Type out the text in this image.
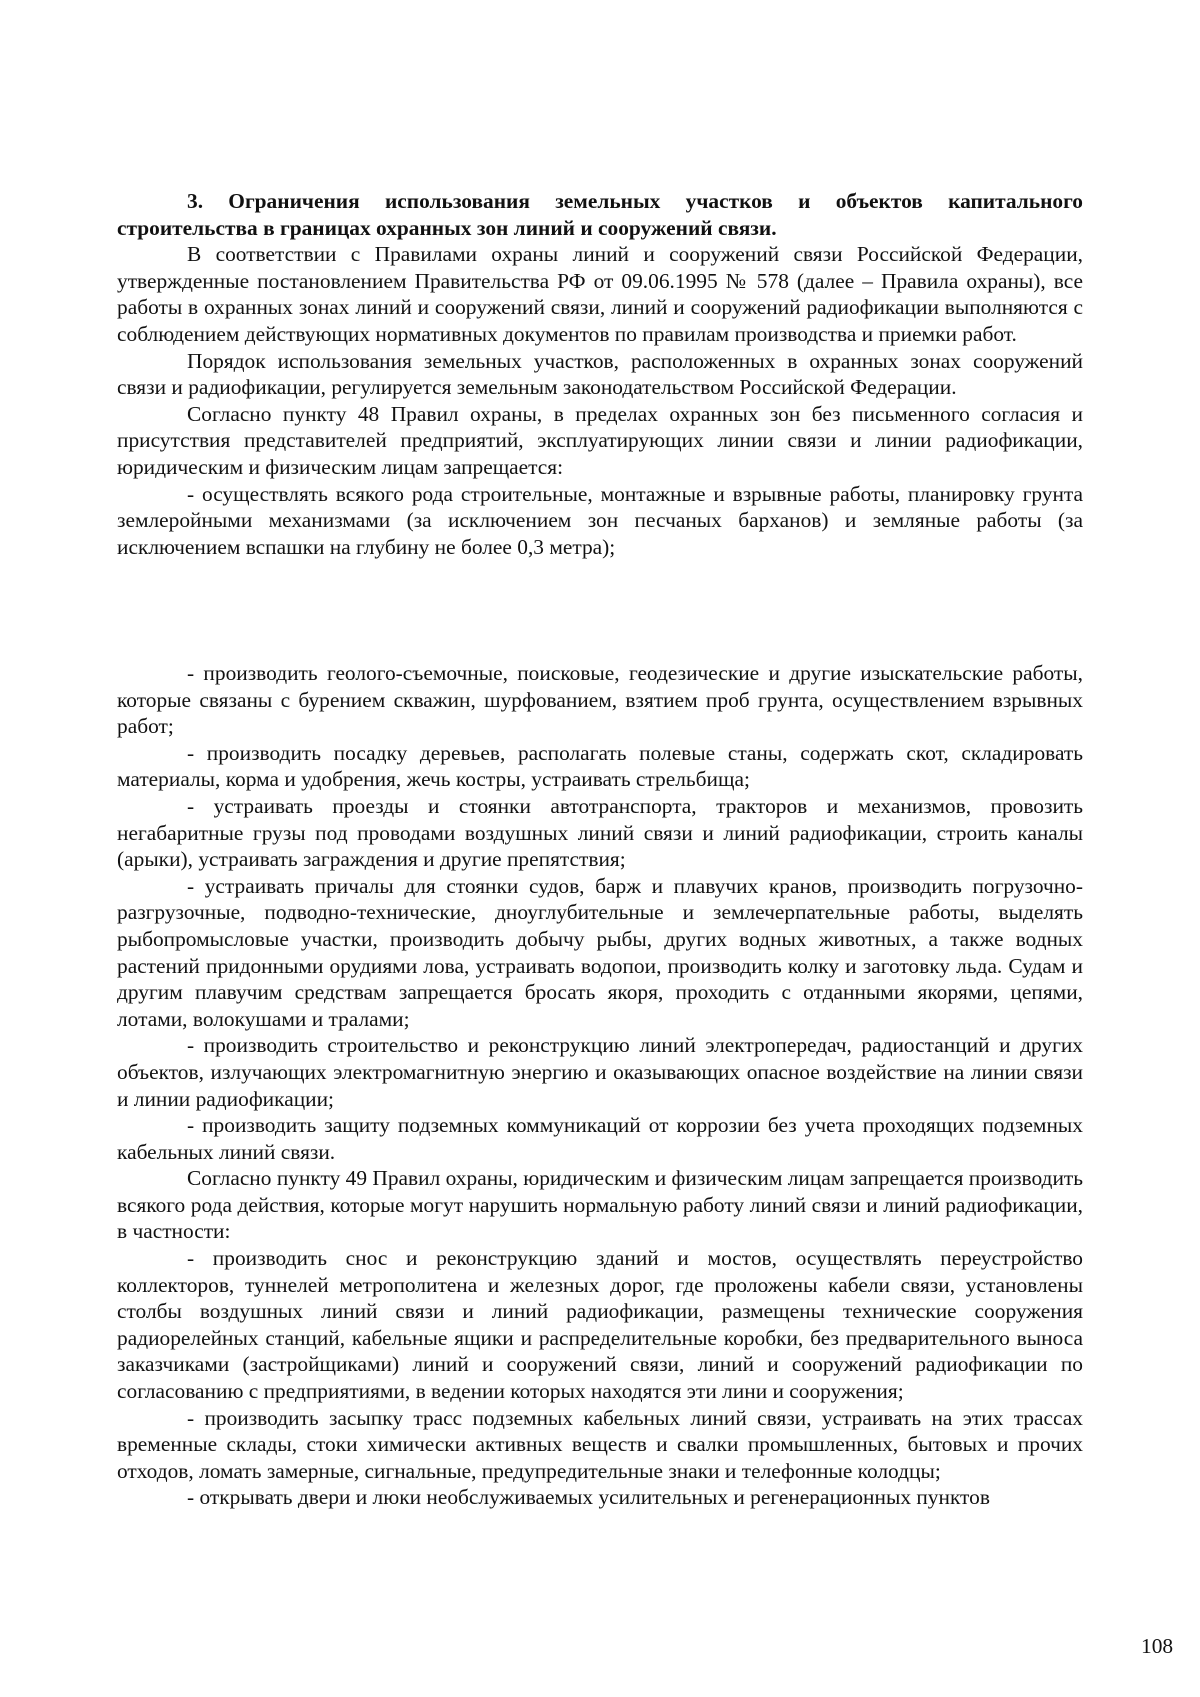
3. Ограничения использования земельных участков и объектов капитального строительства в границах охранных зон линий и сооружений связи.

В соответствии с Правилами охраны линий и сооружений связи Российской Федерации, утвержденные постановлением Правительства РФ от 09.06.1995 № 578 (далее – Правила охраны), все работы в охранных зонах линий и сооружений связи, линий и сооружений радиофикации выполняются с соблюдением действующих нормативных документов по правилам производства и приемки работ.

Порядок использования земельных участков, расположенных в охранных зонах сооружений связи и радиофикации, регулируется земельным законодательством Российской Федерации.

Согласно пункту 48 Правил охраны, в пределах охранных зон без письменного согласия и присутствия представителей предприятий, эксплуатирующих линии связи и линии радиофикации, юридическим и физическим лицам запрещается:

- осуществлять всякого рода строительные, монтажные и взрывные работы, планировку грунта землеройными механизмами (за исключением зон песчаных барханов) и земляные работы (за исключением вспашки на глубину не более 0,3 метра);

- производить геолого-съемочные, поисковые, геодезические и другие изыскательские работы, которые связаны с бурением скважин, шурфованием, взятием проб грунта, осуществлением взрывных работ;

- производить посадку деревьев, располагать полевые станы, содержать скот, складировать материалы, корма и удобрения, жечь костры, устраивать стрельбища;

- устраивать проезды и стоянки автотранспорта, тракторов и механизмов, провозить негабаритные грузы под проводами воздушных линий связи и линий радиофикации, строить каналы (арыки), устраивать заграждения и другие препятствия;

- устраивать причалы для стоянки судов, барж и плавучих кранов, производить погрузочно-разгрузочные, подводно-технические, дноуглубительные и землечерпательные работы, выделять рыбопромысловые участки, производить добычу рыбы, других водных животных, а также водных растений придонными орудиями лова, устраивать водопои, производить колку и заготовку льда. Судам и другим плавучим средствам запрещается бросать якоря, проходить с отданными якорями, цепями, лотами, волокушами и тралами;

- производить строительство и реконструкцию линий электропередач, радиостанций и других объектов, излучающих электромагнитную энергию и оказывающих опасное воздействие на линии связи и линии радиофикации;

- производить защиту подземных коммуникаций от коррозии без учета проходящих подземных кабельных линий связи.

Согласно пункту 49 Правил охраны, юридическим и физическим лицам запрещается производить всякого рода действия, которые могут нарушить нормальную работу линий связи и линий радиофикации, в частности:

- производить снос и реконструкцию зданий и мостов, осуществлять переустройство коллекторов, туннелей метрополитена и железных дорог, где проложены кабели связи, установлены столбы воздушных линий связи и линий радиофикации, размещены технические сооружения радиорелейных станций, кабельные ящики и распределительные коробки, без предварительного выноса заказчиками (застройщиками) линий и сооружений связи, линий и сооружений радиофикации по согласованию с предприятиями, в ведении которых находятся эти лини и сооружения;

- производить засыпку трасс подземных кабельных линий связи, устраивать на этих трассах временные склады, стоки химически активных веществ и свалки промышленных, бытовых и прочих отходов, ломать замерные, сигнальные, предупредительные знаки и телефонные колодцы;

- открывать двери и люки необслуживаемых усилительных и регенерационных пунктов

108
